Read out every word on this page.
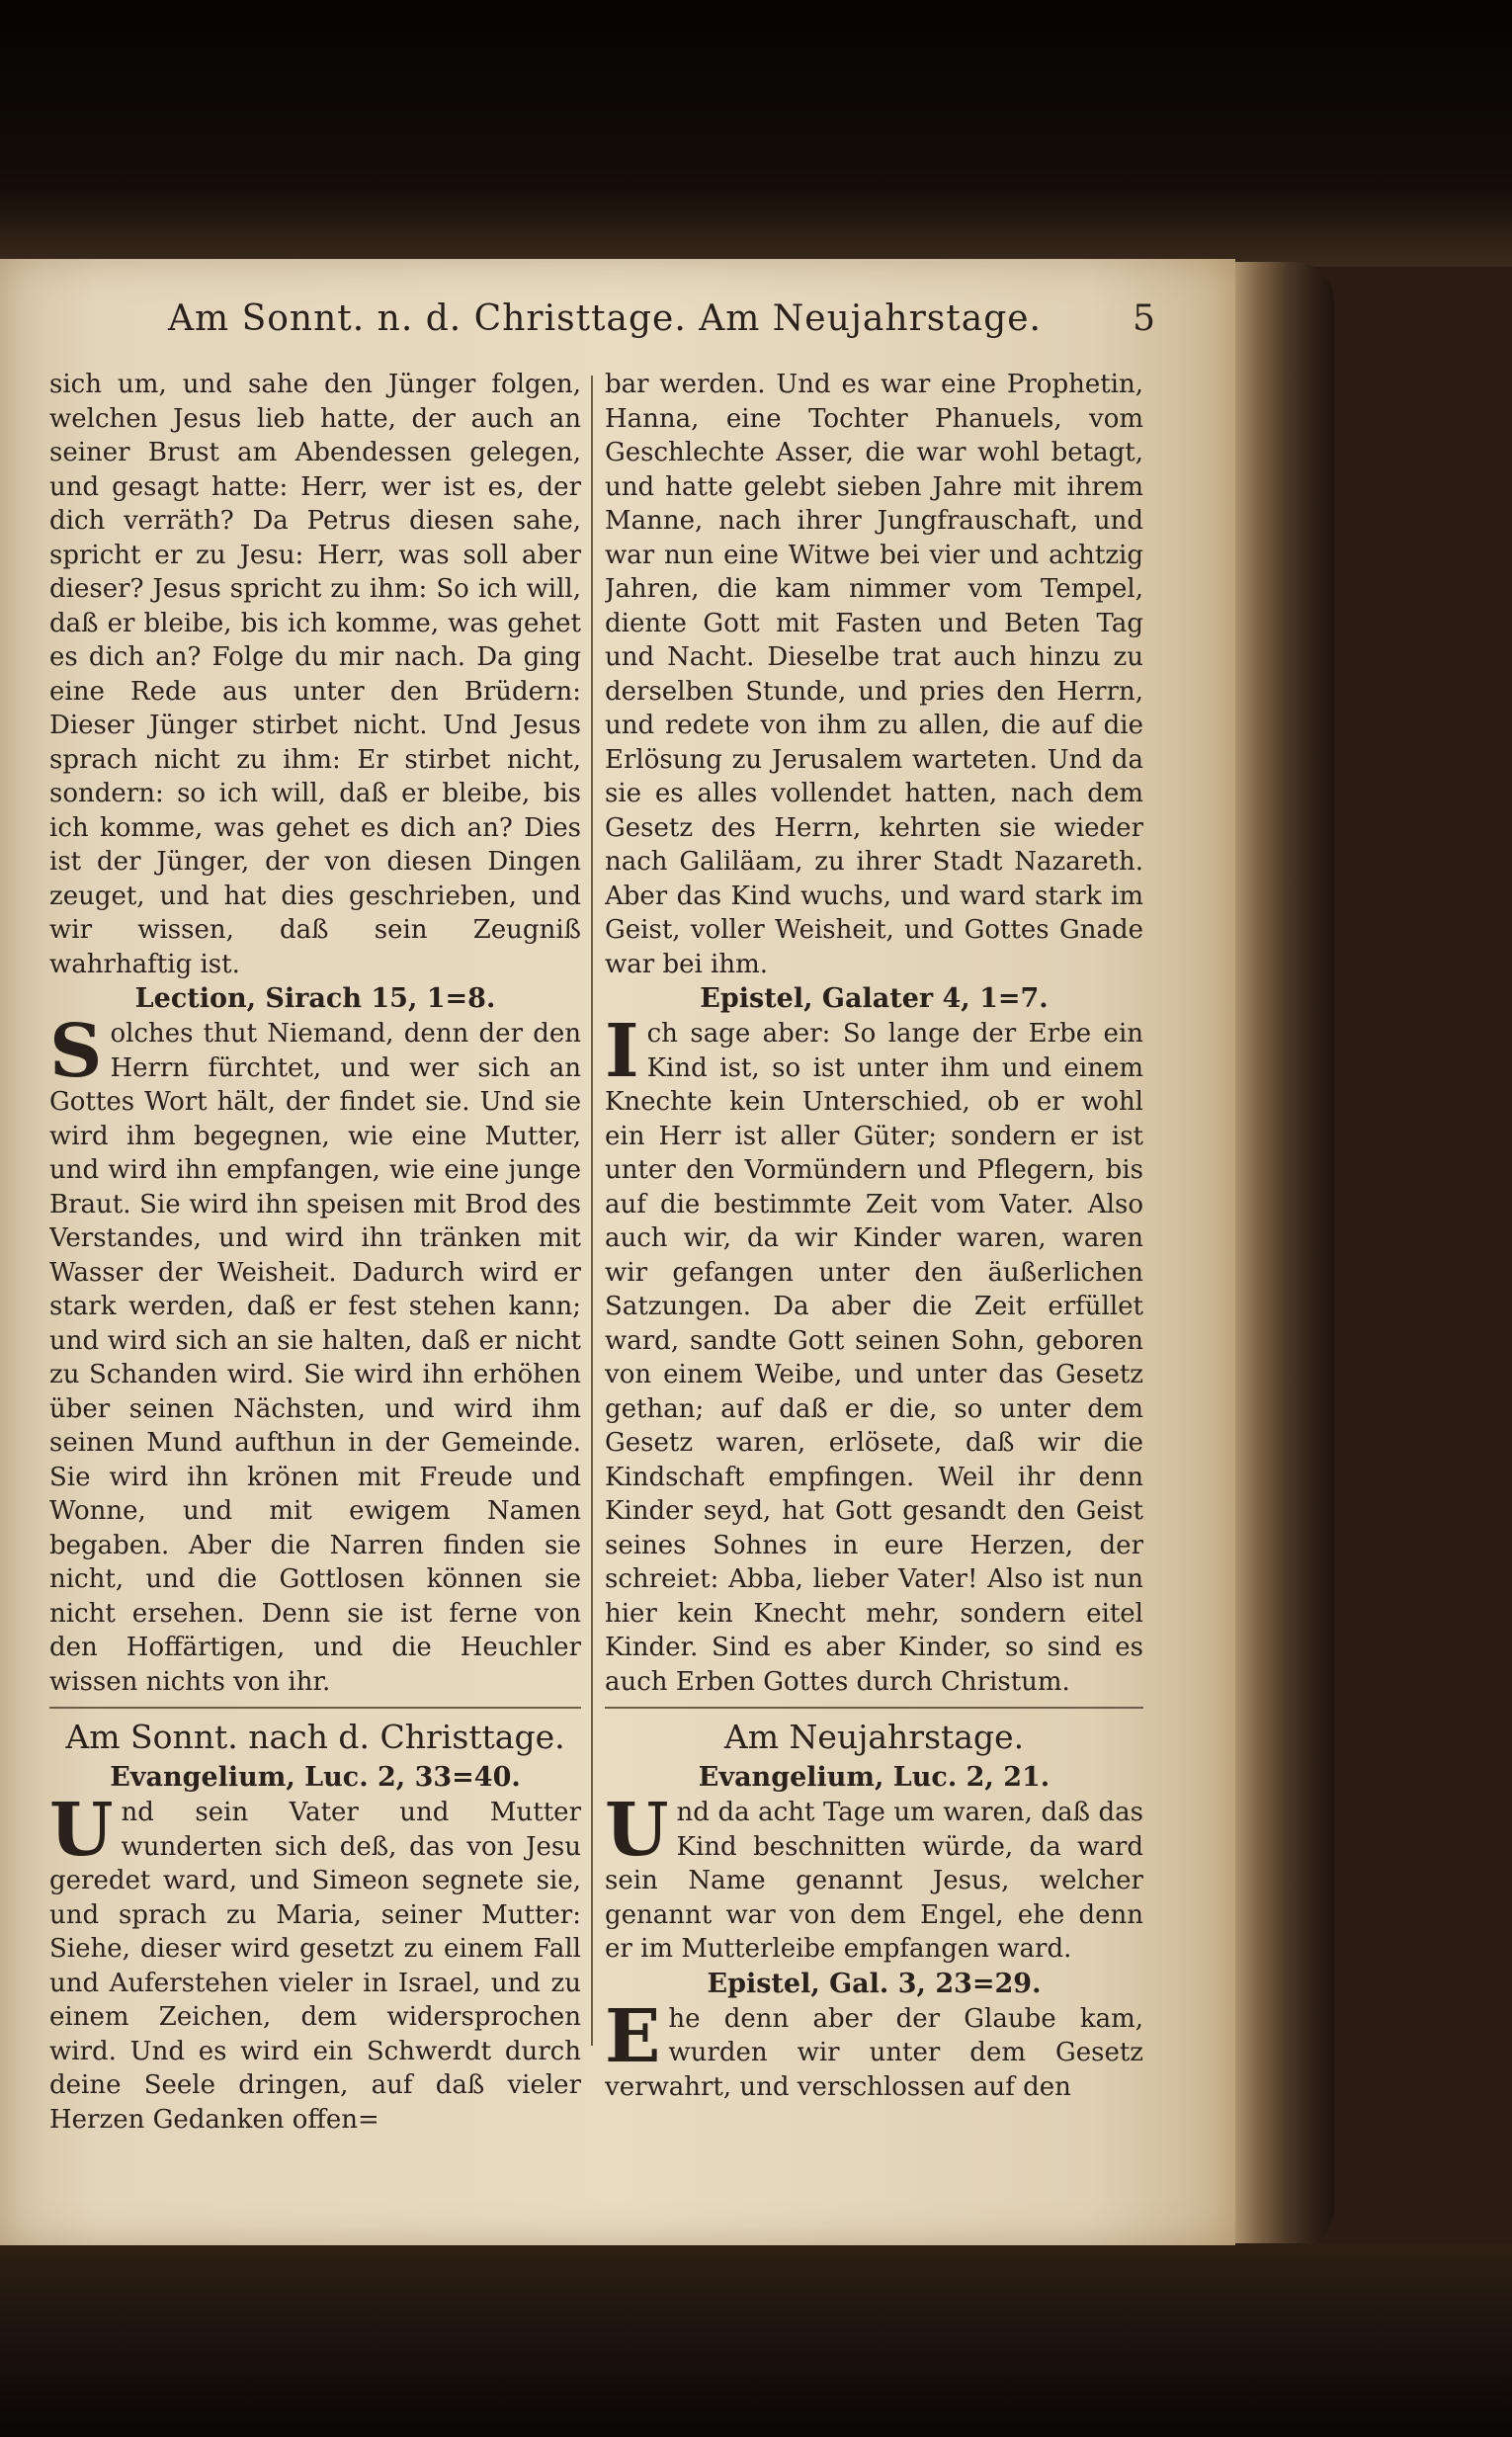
Am Sonnt. n. d. Christtage. Am Neujahrstage.	5

sich um, und sahe den Jünger folgen, welchen Jesus lieb hatte, der auch an seiner Brust am Abendessen gelegen, und gesagt hatte: Herr, wer ist es, der dich verräth? Da Petrus diesen sahe, spricht er zu Jesu: Herr, was soll aber dieser? Jesus spricht zu ihm: So ich will, daß er bleibe, bis ich komme, was gehet es dich an? Folge du mir nach. Da ging eine Rede aus unter den Brüdern: Dieser Jünger stirbet nicht. Und Jesus sprach nicht zu ihm: Er stirbet nicht, sondern: so ich will, daß er bleibe, bis ich komme, was gehet es dich an? Dies ist der Jünger, der von diesen Dingen zeuget, und hat dies geschrieben, und wir wissen, daß sein Zeugniß wahrhaftig ist.

Lection, Sirach 15, 1=8.

Solches thut Niemand, denn der den Herrn fürchtet, und wer sich an Gottes Wort hält, der findet sie. Und sie wird ihm begegnen, wie eine Mutter, und wird ihn empfangen, wie eine junge Braut. Sie wird ihn speisen mit Brod des Verstandes, und wird ihn tränken mit Wasser der Weisheit. Dadurch wird er stark werden, daß er fest stehen kann; und wird sich an sie halten, daß er nicht zu Schanden wird. Sie wird ihn erhöhen über seinen Nächsten, und wird ihm seinen Mund aufthun in der Gemeinde. Sie wird ihn krönen mit Freude und Wonne, und mit ewigem Namen begaben. Aber die Narren finden sie nicht, und die Gottlosen können sie nicht ersehen. Denn sie ist ferne von den Hoffärtigen, und die Heuchler wissen nichts von ihr.

Am Sonnt. nach d. Christtage.

Evangelium, Luc. 2, 33=40.

Und sein Vater und Mutter wunderten sich deß, das von Jesu geredet ward, und Simeon segnete sie, und sprach zu Maria, seiner Mutter: Siehe, dieser wird gesetzt zu einem Fall und Auferstehen vieler in Israel, und zu einem Zeichen, dem widersprochen wird. Und es wird ein Schwerdt durch deine Seele dringen, auf daß vieler Herzen Gedanken offen=

bar werden. Und es war eine Prophetin, Hanna, eine Tochter Phanuels, vom Geschlechte Asser, die war wohl betagt, und hatte gelebt sieben Jahre mit ihrem Manne, nach ihrer Jungfrauschaft, und war nun eine Witwe bei vier und achtzig Jahren, die kam nimmer vom Tempel, diente Gott mit Fasten und Beten Tag und Nacht. Dieselbe trat auch hinzu zu derselben Stunde, und pries den Herrn, und redete von ihm zu allen, die auf die Erlösung zu Jerusalem warteten. Und da sie es alles vollendet hatten, nach dem Gesetz des Herrn, kehrten sie wieder nach Galiläam, zu ihrer Stadt Nazareth. Aber das Kind wuchs, und ward stark im Geist, voller Weisheit, und Gottes Gnade war bei ihm.

Epistel, Galater 4, 1=7.

Ich sage aber: So lange der Erbe ein Kind ist, so ist unter ihm und einem Knechte kein Unterschied, ob er wohl ein Herr ist aller Güter; sondern er ist unter den Vormündern und Pflegern, bis auf die bestimmte Zeit vom Vater. Also auch wir, da wir Kinder waren, waren wir gefangen unter den äußerlichen Satzungen. Da aber die Zeit erfüllet ward, sandte Gott seinen Sohn, geboren von einem Weibe, und unter das Gesetz gethan; auf daß er die, so unter dem Gesetz waren, erlösete, daß wir die Kindschaft empfingen. Weil ihr denn Kinder seyd, hat Gott gesandt den Geist seines Sohnes in eure Herzen, der schreiet: Abba, lieber Vater! Also ist nun hier kein Knecht mehr, sondern eitel Kinder. Sind es aber Kinder, so sind es auch Erben Gottes durch Christum.

Am Neujahrstage.

Evangelium, Luc. 2, 21.

Und da acht Tage um waren, daß das Kind beschnitten würde, da ward sein Name genannt Jesus, welcher genannt war von dem Engel, ehe denn er im Mutterleibe empfangen ward.

Epistel, Gal. 3, 23=29.

Ehe denn aber der Glaube kam, wurden wir unter dem Gesetz verwahrt, und verschlossen auf den
